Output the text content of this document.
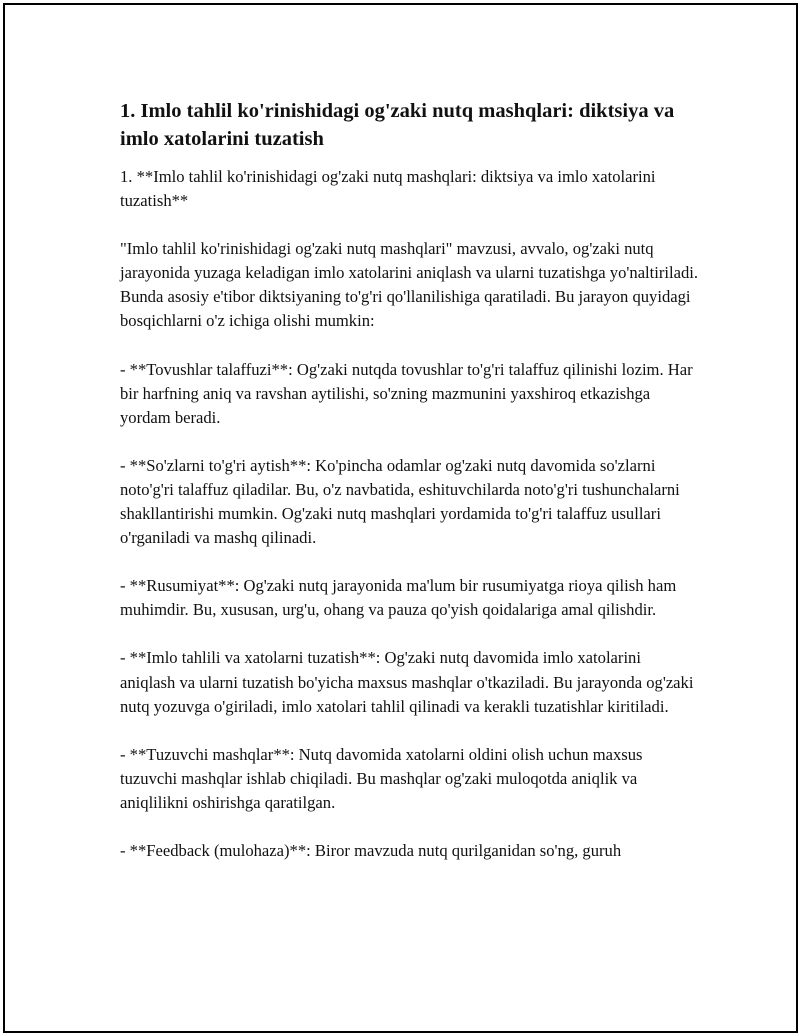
1. Imlo tahlil ko'rinishidagi og'zaki nutq mashqlari: diktsiya va imlo xatolarini tuzatish

1. **Imlo tahlil ko'rinishidagi og'zaki nutq mashqlari: diktsiya va imlo xatolarini tuzatish**

"Imlo tahlil ko'rinishidagi og'zaki nutq mashqlari" mavzusi, avvalo, og'zaki nutq jarayonida yuzaga keladigan imlo xatolarini aniqlash va ularni tuzatishga yo'naltiriladi. Bunda asosiy e'tibor diktsiyaning to'g'ri qo'llanilishiga qaratiladi. Bu jarayon quyidagi bosqichlarni o'z ichiga olishi mumkin:

- **Tovushlar talaffuzi**: Og'zaki nutqda tovushlar to'g'ri talaffuz qilinishi lozim. Har bir harfning aniq va ravshan aytilishi, so'zning mazmunini yaxshiroq etkazishga yordam beradi.

- **So'zlarni to'g'ri aytish**: Ko'pincha odamlar og'zaki nutq davomida so'zlarni noto'g'ri talaffuz qiladilar. Bu, o'z navbatida, eshituvchilarda noto'g'ri tushunchalarni shakllantirishi mumkin. Og'zaki nutq mashqlari yordamida to'g'ri talaffuz usullari o'rganiladi va mashq qilinadi.

- **Rusumiyat**: Og'zaki nutq jarayonida ma'lum bir rusumiyatga rioya qilish ham muhimdir. Bu, xususan, urg'u, ohang va pauza qo'yish qoidalariga amal qilishdir.

- **Imlo tahlili va xatolarni tuzatish**: Og'zaki nutq davomida imlo xatolarini aniqlash va ularni tuzatish bo'yicha maxsus mashqlar o'tkaziladi. Bu jarayonda og'zaki nutq yozuvga o'giriladi, imlo xatolari tahlil qilinadi va kerakli tuzatishlar kiritiladi.

- **Tuzuvchi mashqlar**: Nutq davomida xatolarni oldini olish uchun maxsus tuzuvchi mashqlar ishlab chiqiladi. Bu mashqlar og'zaki muloqotda aniqlik va aniqlilikni oshirishga qaratilgan.

- **Feedback (mulohaza)**: Biror mavzuda nutq qurilganidan so'ng, guruh
